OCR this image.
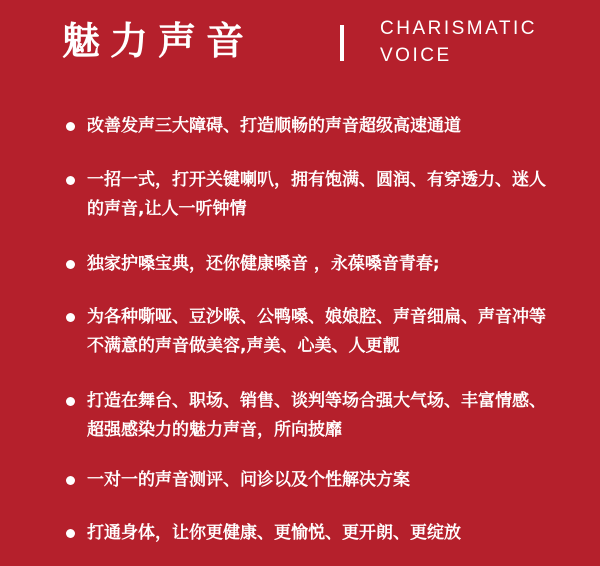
魅力声音	CHARISMATIC
VOICE
改善发声三大障碍、打造顺畅的声音超级高速通道
一招一式，打开关键喇叭，拥有饱满、圆润、有穿透力、迷人的声音,让人一听钟情
独家护嗓宝典，还你健康嗓音 ，永葆嗓音青春;
为各种嘶哑、豆沙喉、公鸭嗓、娘娘腔、声音细扁、声音冲等不满意的声音做美容,声美、心美、人更靓
打造在舞台、职场、销售、谈判等场合强大气场、丰富情感、超强感染力的魅力声音，所向披靡
一对一的声音测评、问诊以及个性解决方案
打通身体，让你更健康、更愉悦、更开朗、更绽放
